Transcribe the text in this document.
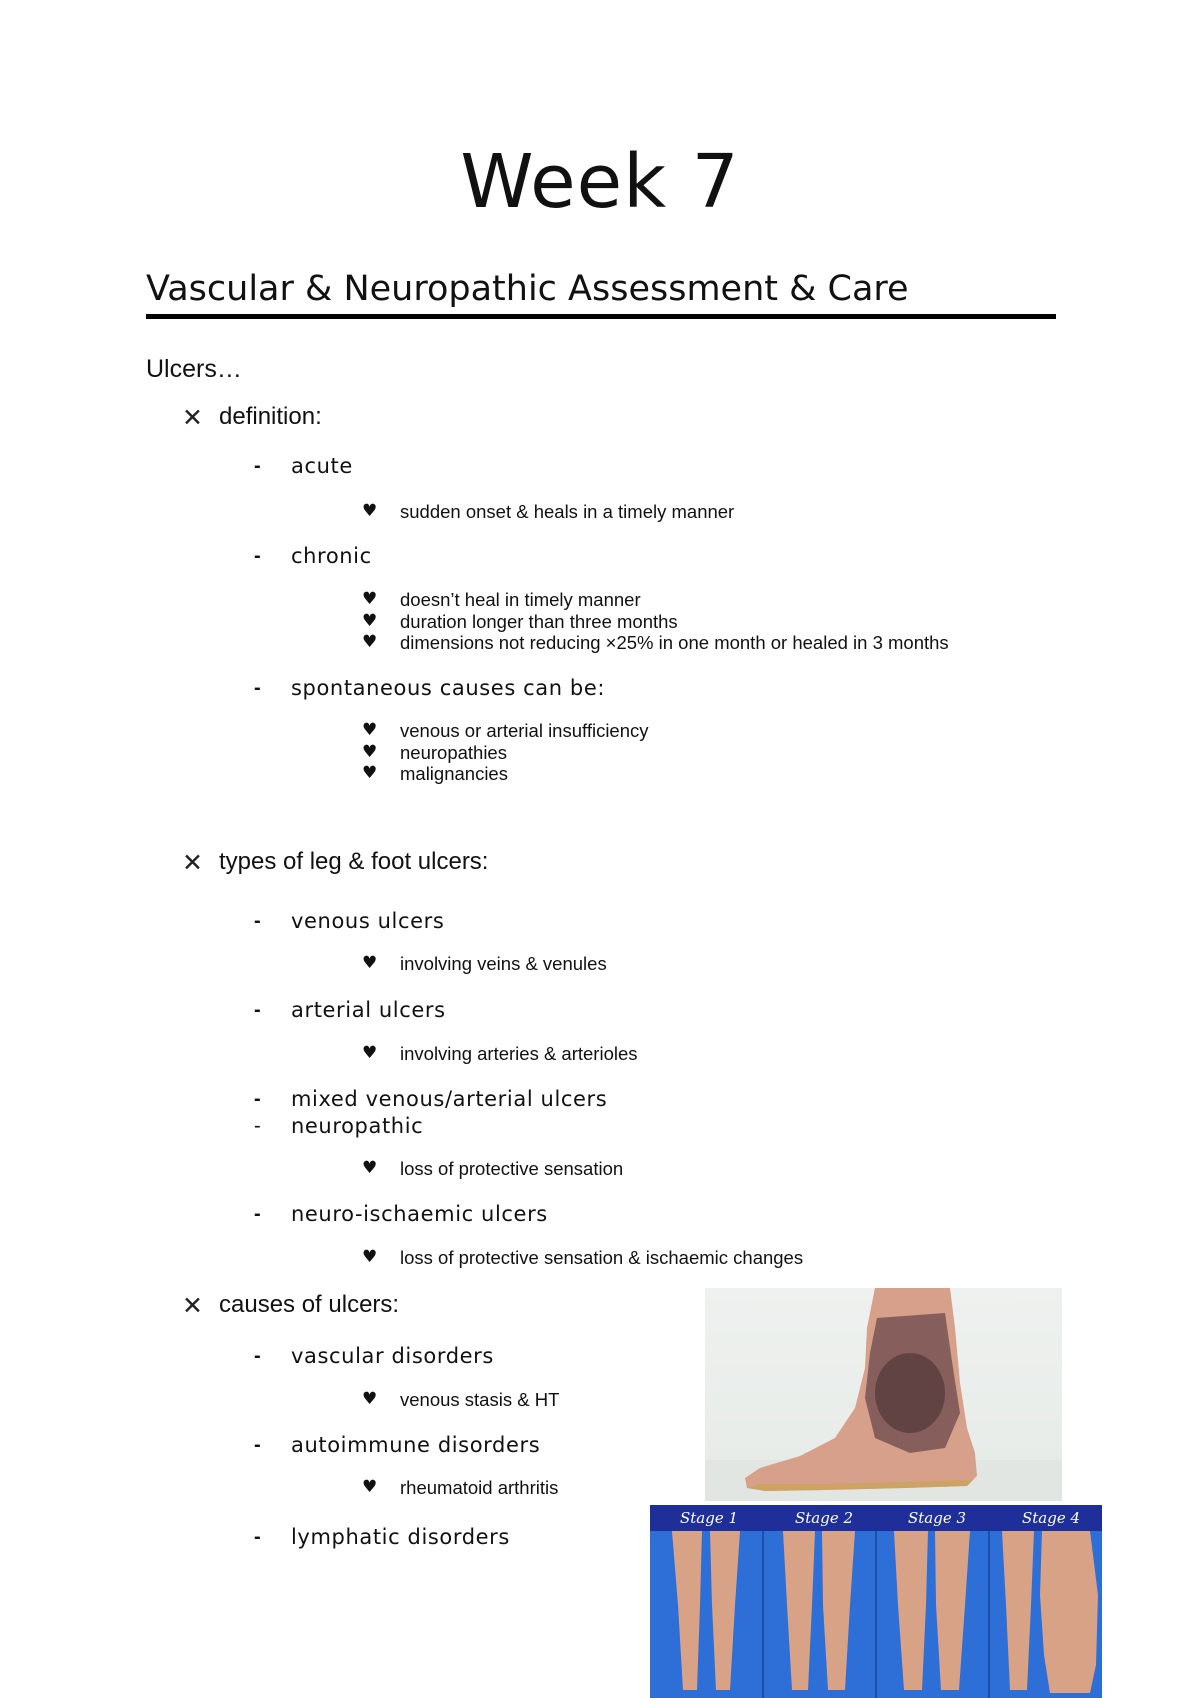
Week 7
Vascular & Neuropathic Assessment & Care
Ulcers…
✕ definition:
- acute
♥ sudden onset & heals in a timely manner
- chronic
♥ doesn’t heal in timely manner
♥ duration longer than three months
♥ dimensions not reducing ×25% in one month or healed in 3 months
- spontaneous causes can be:
♥ venous or arterial insufficiency
♥ neuropathies
♥ malignancies
✕ types of leg & foot ulcers:
- venous ulcers
♥ involving veins & venules
- arterial ulcers
♥ involving arteries & arterioles
- mixed venous/arterial ulcers
- neuropathic
♥ loss of protective sensation
- neuro-ischaemic ulcers
♥ loss of protective sensation & ischaemic changes
✕ causes of ulcers:
- vascular disorders
♥ venous stasis & HT
- autoimmune disorders
♥ rheumatoid arthritis
- lymphatic disorders
Stage 1	Stage 2	Stage 3	Stage 4
